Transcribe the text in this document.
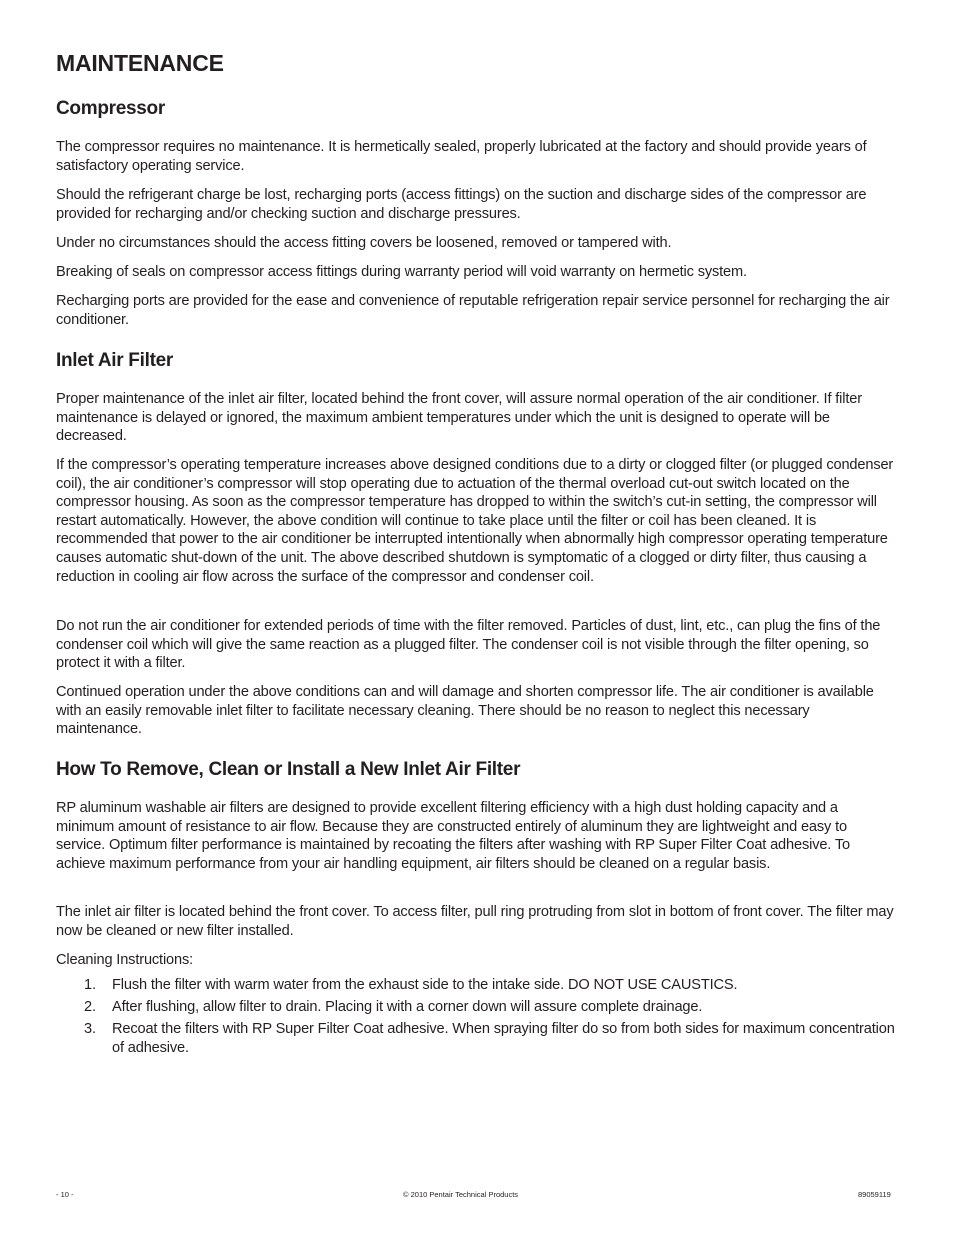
MAINTENANCE
Compressor

The compressor requires no maintenance. It is hermetically sealed, properly lubricated at the factory and should provide years of satisfactory operating service.

Should the refrigerant charge be lost, recharging ports (access fittings) on the suction and discharge sides of the compressor are provided for recharging and/or checking suction and discharge pressures.

Under no circumstances should the access fitting covers be loosened, removed or tampered with.

Breaking of seals on compressor access fittings during warranty period will void warranty on hermetic system.

Recharging ports are provided for the ease and convenience of reputable refrigeration repair service personnel for recharging the air conditioner.

Inlet Air Filter

Proper maintenance of the inlet air filter, located behind the front cover, will assure normal operation of the air conditioner. If filter maintenance is delayed or ignored, the maximum ambient temperatures under which the unit is designed to operate will be decreased.

If the compressor’s operating temperature increases above designed conditions due to a dirty or clogged filter (or plugged condenser coil), the air conditioner’s compressor will stop operating due to actuation of the thermal overload cut-out switch located on the compressor housing. As soon as the compressor temperature has dropped to within the switch’s cut-in setting, the compressor will restart automatically. However, the above condition will continue to take place until the filter or coil has been cleaned. It is recommended that power to the air conditioner be interrupted intentionally when abnormally high compressor operating temperature causes automatic shut-down of the unit. The above described shutdown is symptomatic of a clogged or dirty filter, thus causing a reduction in cooling air flow across the surface of the compressor and condenser coil.

Do not run the air conditioner for extended periods of time with the filter removed. Particles of dust, lint, etc., can plug the fins of the condenser coil which will give the same reaction as a plugged filter. The condenser coil is not visible through the filter opening, so protect it with a filter.

Continued operation under the above conditions can and will damage and shorten compressor life. The air conditioner is available with an easily removable inlet filter to facilitate necessary cleaning. There should be no reason to neglect this necessary maintenance.

How To Remove, Clean or Install a New Inlet Air Filter

RP aluminum washable air filters are designed to provide excellent filtering efficiency with a high dust holding capacity and a minimum amount of resistance to air flow. Because they are constructed entirely of aluminum they are lightweight and easy to service. Optimum filter performance is maintained by recoating the filters after washing with RP Super Filter Coat adhesive. To achieve maximum performance from your air handling equipment, air filters should be cleaned on a regular basis.

The inlet air filter is located behind the front cover. To access filter, pull ring protruding from slot in bottom of front cover. The filter may now be cleaned or new filter installed.

Cleaning Instructions:

1.	Flush the filter with warm water from the exhaust side to the intake side. DO NOT USE CAUSTICS.
2.	After flushing, allow filter to drain. Placing it with a corner down will assure complete drainage.
3.	Recoat the filters with RP Super Filter Coat adhesive. When spraying filter do so from both sides for maximum concentration of adhesive.
- 10 -	© 2010 Pentair Technical Products	89059119
